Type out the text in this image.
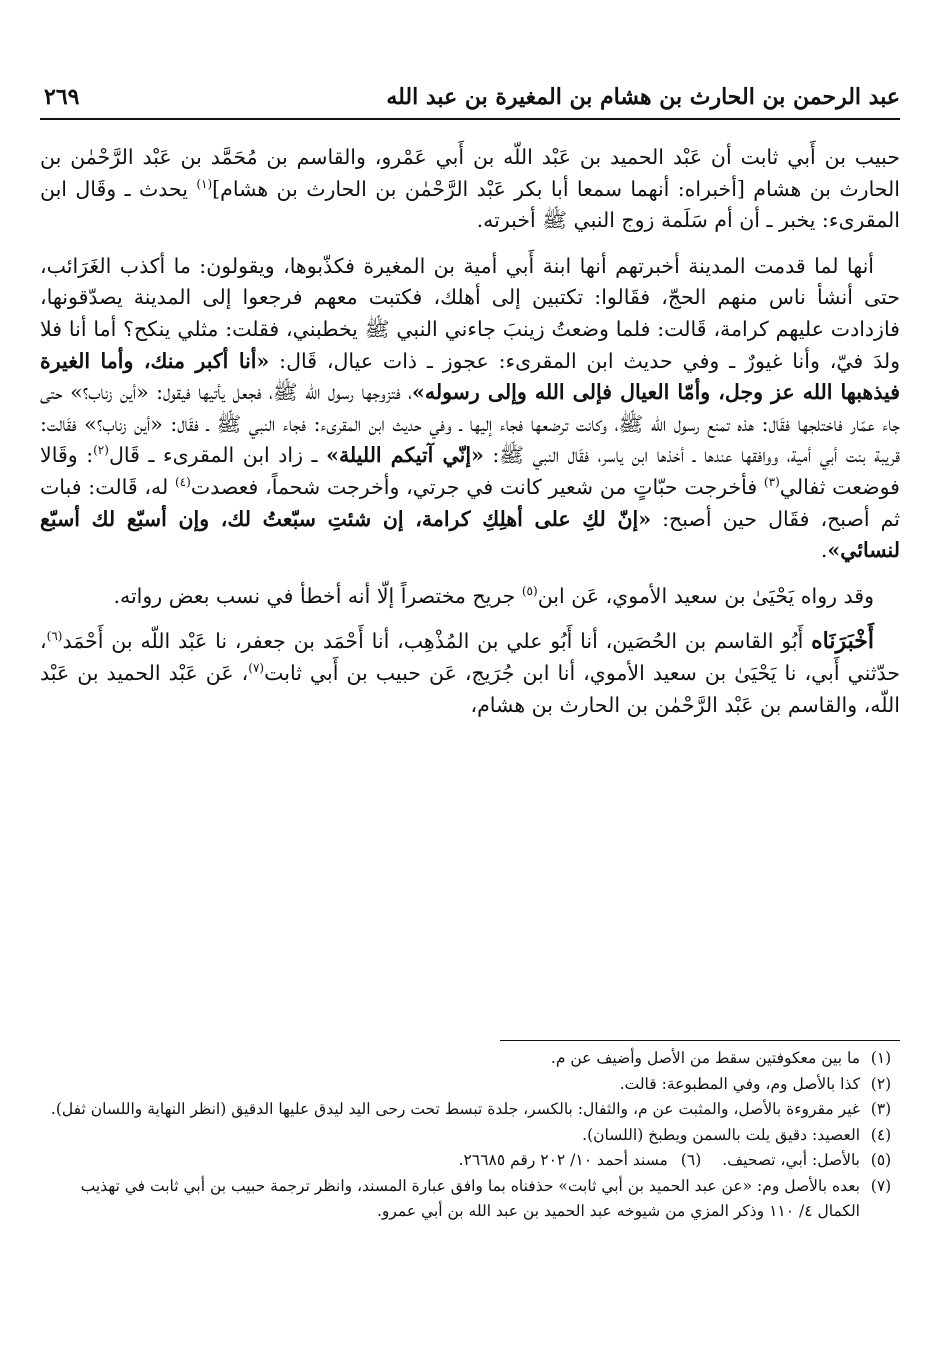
عبد الرحمن بن الحارث بن هشام بن المغيرة بن عبد الله
٢٦٩

حبيب بن أَبي ثابت أن عَبْد الحميد بن عَبْد اللّه بن أَبي عَمْرو، والقاسم بن مُحَمَّد بن عَبْد الرَّحْمٰن بن الحارث بن هشام [أخبراه: أنهما سمعا أبا بكر عَبْد الرَّحْمٰن بن الحارث بن هشام]$^{(١)}$ يحدث ـ وقَال ابن المقرىء: يخبر ـ أن أم سَلَمة زوج النبي ﷺ أخبرته.

أنها لما قدمت المدينة أخبرتهم أنها ابنة أَبي أمية بن المغيرة فكذّبوها، ويقولون: ما أكذب الغَرَائب، حتى أنشأ ناس منهم الحجّ، فقَالوا: تكتبين إلى أهلك، فكتبت معهم فرجعوا إلى المدينة يصدّقونها، فازدادت عليهم كرامة، قَالت: فلما وضعتُ زينبَ جاءني النبي ﷺ يخطبني، فقلت: مثلي ينكح؟ أما أنا فلا ولدَ فيّ، وأنا غيورٌ ـ وفي حديث ابن المقرىء: عجوز ـ ذات عيال، قَال: «أنا أكبر منك، وأما الغيرة فيذهبها الله عز وجل، وأمّا العيال فإلى الله وإلى رسوله»، فتزوجها رسول الله ﷺ، فجعل يأتيها فيقول: «أين زناب؟» حتى جاء عمّار فاختلجها فقَال: هذه تمنع رسول الله ﷺ، وكانت ترضعها فجاء إليها ـ وفي حديث ابن المقرىء: فجاء النبي ﷺ ـ فقَال: «أين زناب؟» فقَالت: قريبة بنت أبي أمية، ووافقها عندها ـ أخذها ابن ياسر، فقَال النبي ﷺ: «إنّي آتيكم الليلة» ـ زاد ابن المقرىء ـ قَال$^{(٢)}$: وقَالا فوضعت ثفالي$^{(٣)}$ فأخرجت حبّاتٍ من شعير كانت في جرتي، وأخرجت شحماً، فعصدت$^{(٤)}$ له، قَالت: فبات ثم أصبح، فقَال حين أصبح: «إنّ لكِ على أهلِكِ كرامة، إن شئتِ سبّعتُ لك، وإن أسبّع لك أسبّع لنسائي».

وقد رواه يَحْيَىٰ بن سعيد الأموي، عَن ابن$^{(٥)}$ جريح مختصراً إلّا أنه أخطأ في نسب بعض رواته.

أَخْبَرَنَاه أَبُو القاسم بن الحُصَين، أنا أَبُو علي بن المُذْهِب، أنا أَحْمَد بن جعفر، نا عَبْد اللّه بن أَحْمَد$^{(٦)}$، حدّثني أَبي، نا يَحْيَىٰ بن سعيد الأموي، أنا ابن جُرَيج، عَن حبيب بن أَبي ثابت$^{(٧)}$، عَن عَبْد الحميد بن عَبْد اللّه، والقاسم بن عَبْد الرَّحْمٰن بن الحارث بن هشام،

(١)
ما بين معكوفتين سقط من الأصل وأضيف عن م.
(٢)
كذا بالأصل وم، وفي المطبوعة: قالت.
(٣)
غير مقروءة بالأصل، والمثبت عن م، والثفال: بالكسر، جلدة تبسط تحت رحى اليد ليدق عليها الدقيق (انظر النهاية واللسان ثفل).
(٤)
العصيد: دقيق يلت بالسمن ويطبخ (اللسان).
(٥)
بالأصل: أبي، تصحيف. (٦) مسند أحمد ١٠/ ٢٠٢ رقم ٢٦٦٨٥.
(٧)
بعده بالأصل وم: «عن عبد الحميد بن أبي ثابت» حذفناه بما وافق عبارة المسند، وانظر ترجمة حبيب بن أبي ثابت في تهذيب الكمال ٤/ ١١٠ وذكر المزي من شيوخه عبد الحميد بن عبد الله بن أبي عمرو.
